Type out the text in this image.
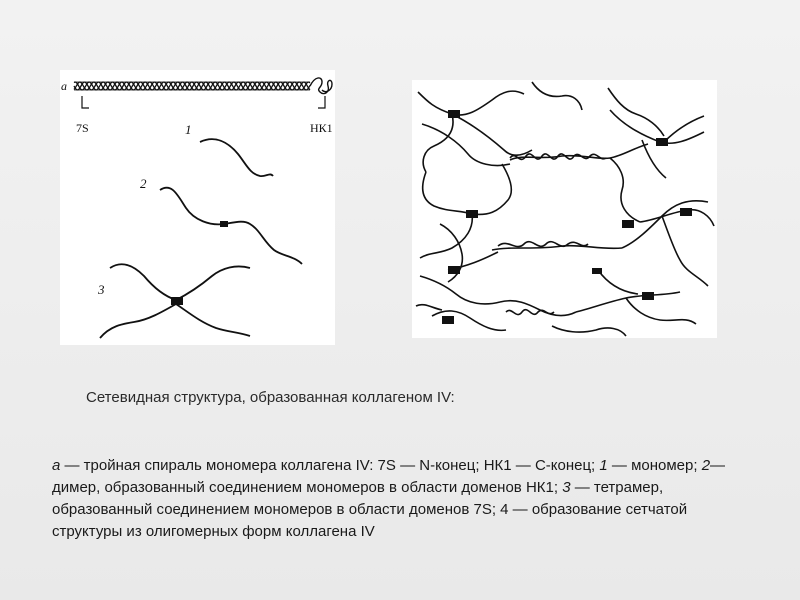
а
7S	НК1
1
2
3
Сетевидная структура, образованная коллагеном IV:
а — тройная спираль мономера коллагена IV: 7S — N-конец; НК1 — С-конец; 1 — мономер; 2— димер, образованный соединением мономеров в области доменов НК1; 3 — тетрамер, образованный соединением мономеров в области доменов 7S; 4 — образование сетчатой структуры из олигомерных форм коллагена IV
